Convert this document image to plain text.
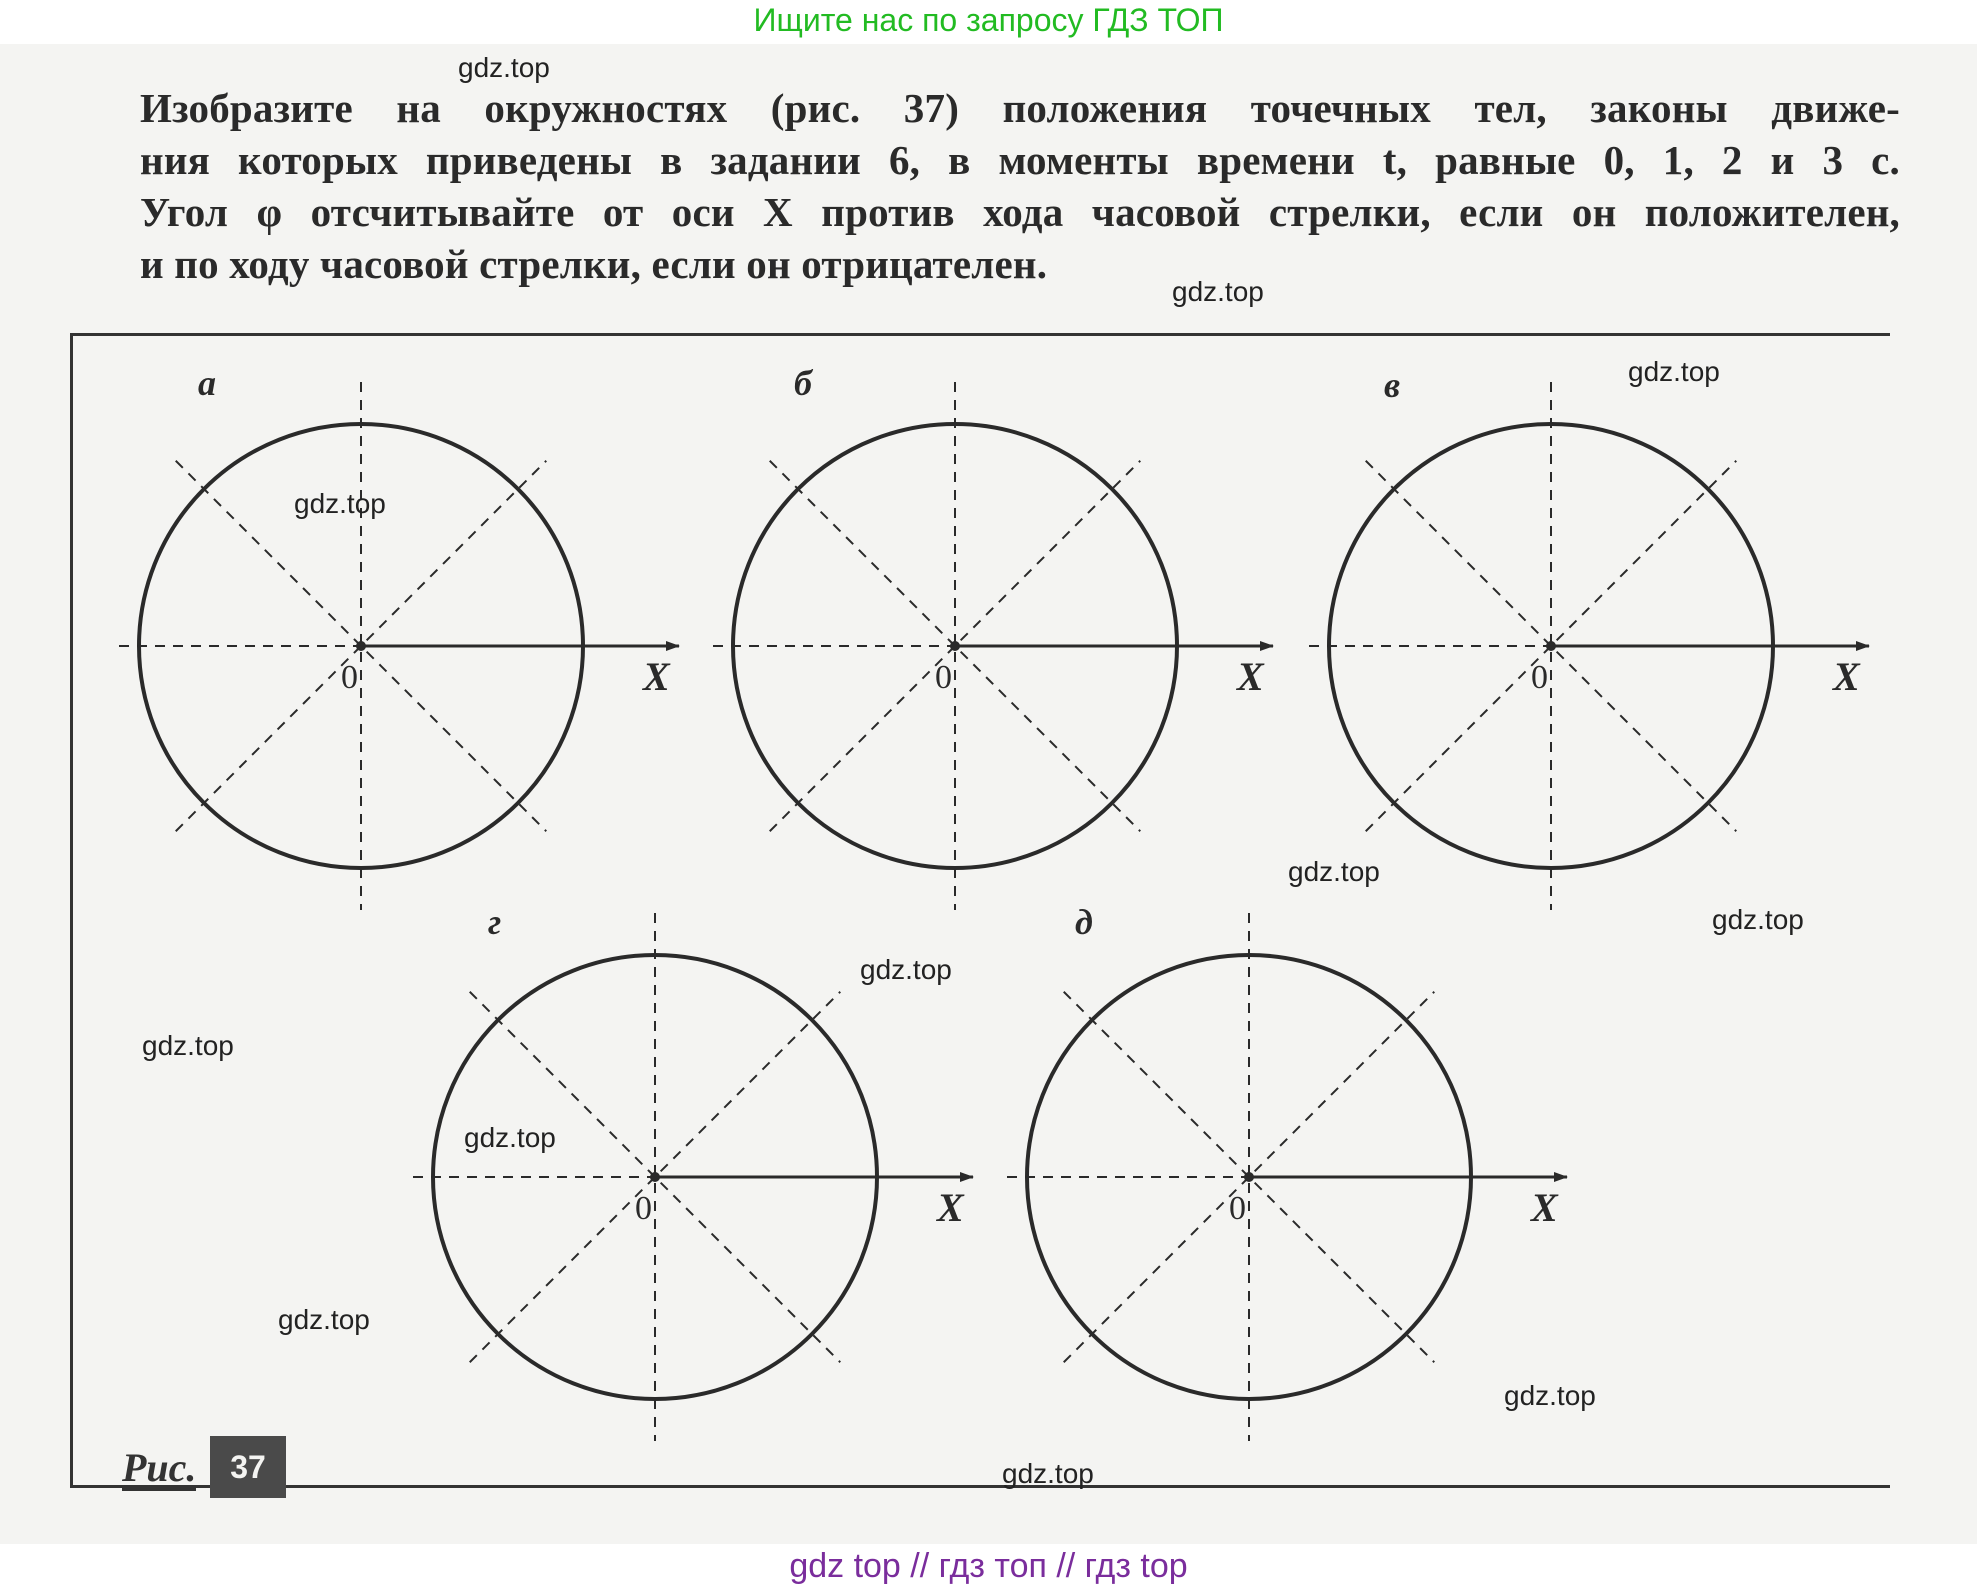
Ищите нас по запросу ГДЗ ТОП

Изобразите на окружностях (рис. 37) положения точечных тел, законы движе-

ния которых приведены в задании 6, в моменты времени t, равные 0, 1, 2 и 3 с.

Угол φ отсчитывайте от оси X против хода часовой стрелки, если он положителен,

и по ходу часовой стрелки, если он отрицателен.

0	X
а
0	X
б
0	X
в
0	X
г
0	X
д
Рис.	37
gdz.top
gdz.top
gdz.top
gdz.top
gdz.top
gdz.top
gdz.top
gdz.top
gdz.top
gdz.top
gdz.top
gdz.top
gdz top // гдз топ // гдз top
